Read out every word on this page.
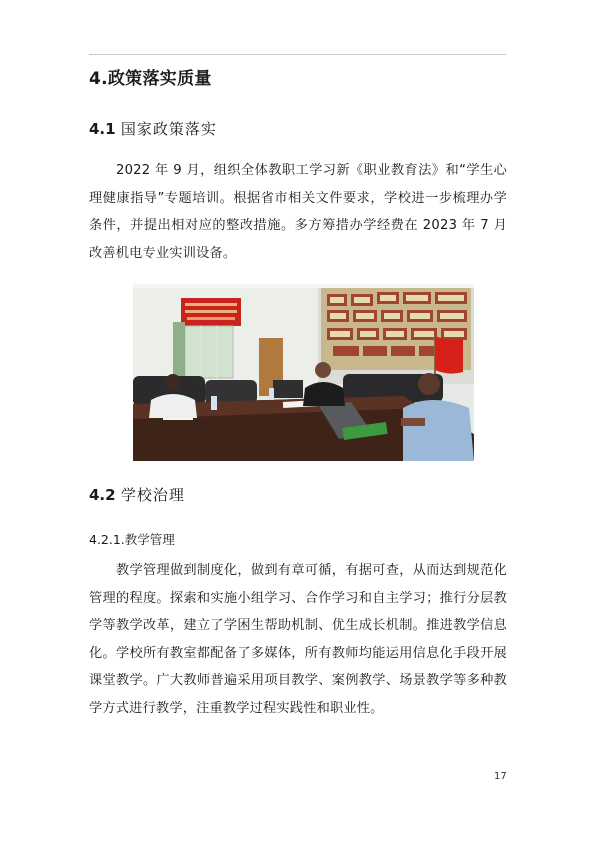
4.政策落实质量
4.1 国家政策落实
2022 年 9 月，组织全体教职工学习新《职业教育法》和“学生心理健康指导”专题培训。根据省市相关文件要求，学校进一步梳理办学条件，并提出相对应的整改措施。多方筹措办学经费在 2023 年 7 月改善机电专业实训设备。
4.2 学校治理
4.2.1.教学管理
教学管理做到制度化，做到有章可循，有据可查，从而达到规范化管理的程度。探索和实施小组学习、合作学习和自主学习；推行分层教学等教学改革，建立了学困生帮助机制、优生成长机制。推进教学信息化。学校所有教室都配备了多媒体，所有教师均能运用信息化手段开展课堂教学。广大教师普遍采用项目教学、案例教学、场景教学等多种教学方式进行教学，注重教学过程实践性和职业性。
17
